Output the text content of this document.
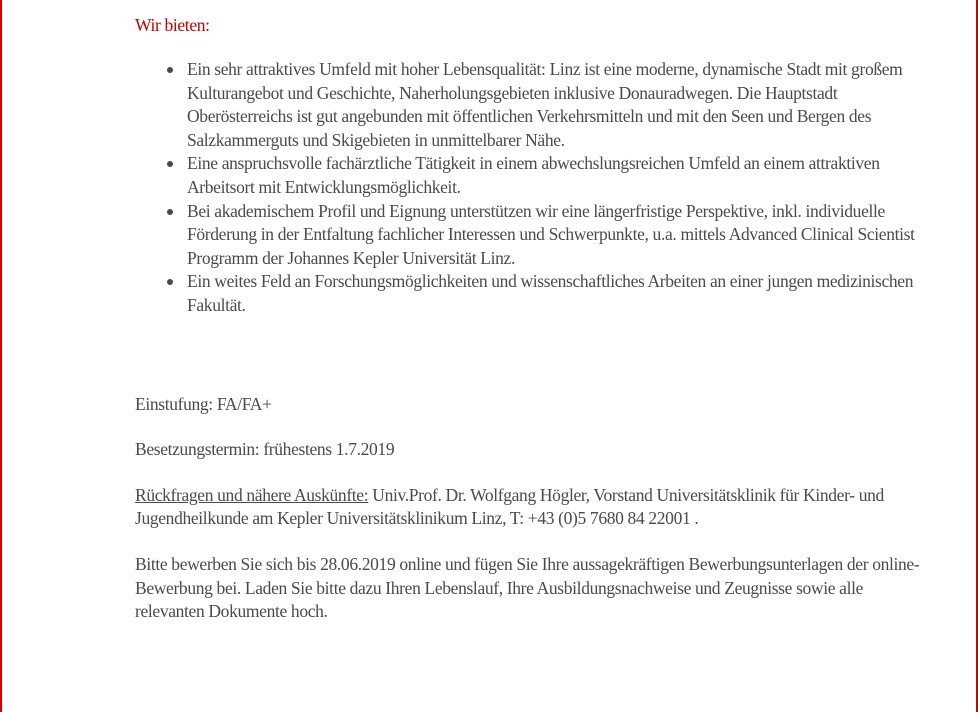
Wir bieten:

Ein sehr attraktives Umfeld mit hoher Lebensqualität: Linz ist eine moderne, dynamische Stadt mit großem Kulturangebot und Geschichte, Naherholungsgebieten inklusive Donauradwegen. Die Hauptstadt Oberösterreichs ist gut angebunden mit öffentlichen Verkehrsmitteln und mit den Seen und Bergen des Salzkammerguts und Skigebieten in unmittelbarer Nähe.
Eine anspruchsvolle fachärztliche Tätigkeit in einem abwechslungsreichen Umfeld an einem attraktiven Arbeitsort mit Entwicklungsmöglichkeit.
Bei akademischem Profil und Eignung unterstützen wir eine längerfristige Perspektive, inkl. individuelle Förderung in der Entfaltung fachlicher Interessen und Schwerpunkte, u.a. mittels Advanced Clinical Scientist Programm der Johannes Kepler Universität Linz.
Ein weites Feld an Forschungsmöglichkeiten und wissenschaftliches Arbeiten an einer jungen medizinischen Fakultät.

Einstufung: FA/FA+

Besetzungstermin: frühestens 1.7.2019

Rückfragen und nähere Auskünfte: Univ.Prof. Dr. Wolfgang Högler, Vorstand Universitätsklinik für Kinder- und Jugendheilkunde am Kepler Universitätsklinikum Linz, T: +43 (0)5 7680 84 22001 .

Bitte bewerben Sie sich bis 28.06.2019 online und fügen Sie Ihre aussagekräftigen Bewerbungsunterlagen der online-Bewerbung bei. Laden Sie bitte dazu Ihren Lebenslauf, Ihre Ausbildungsnachweise und Zeugnisse sowie alle relevanten Dokumente hoch.
